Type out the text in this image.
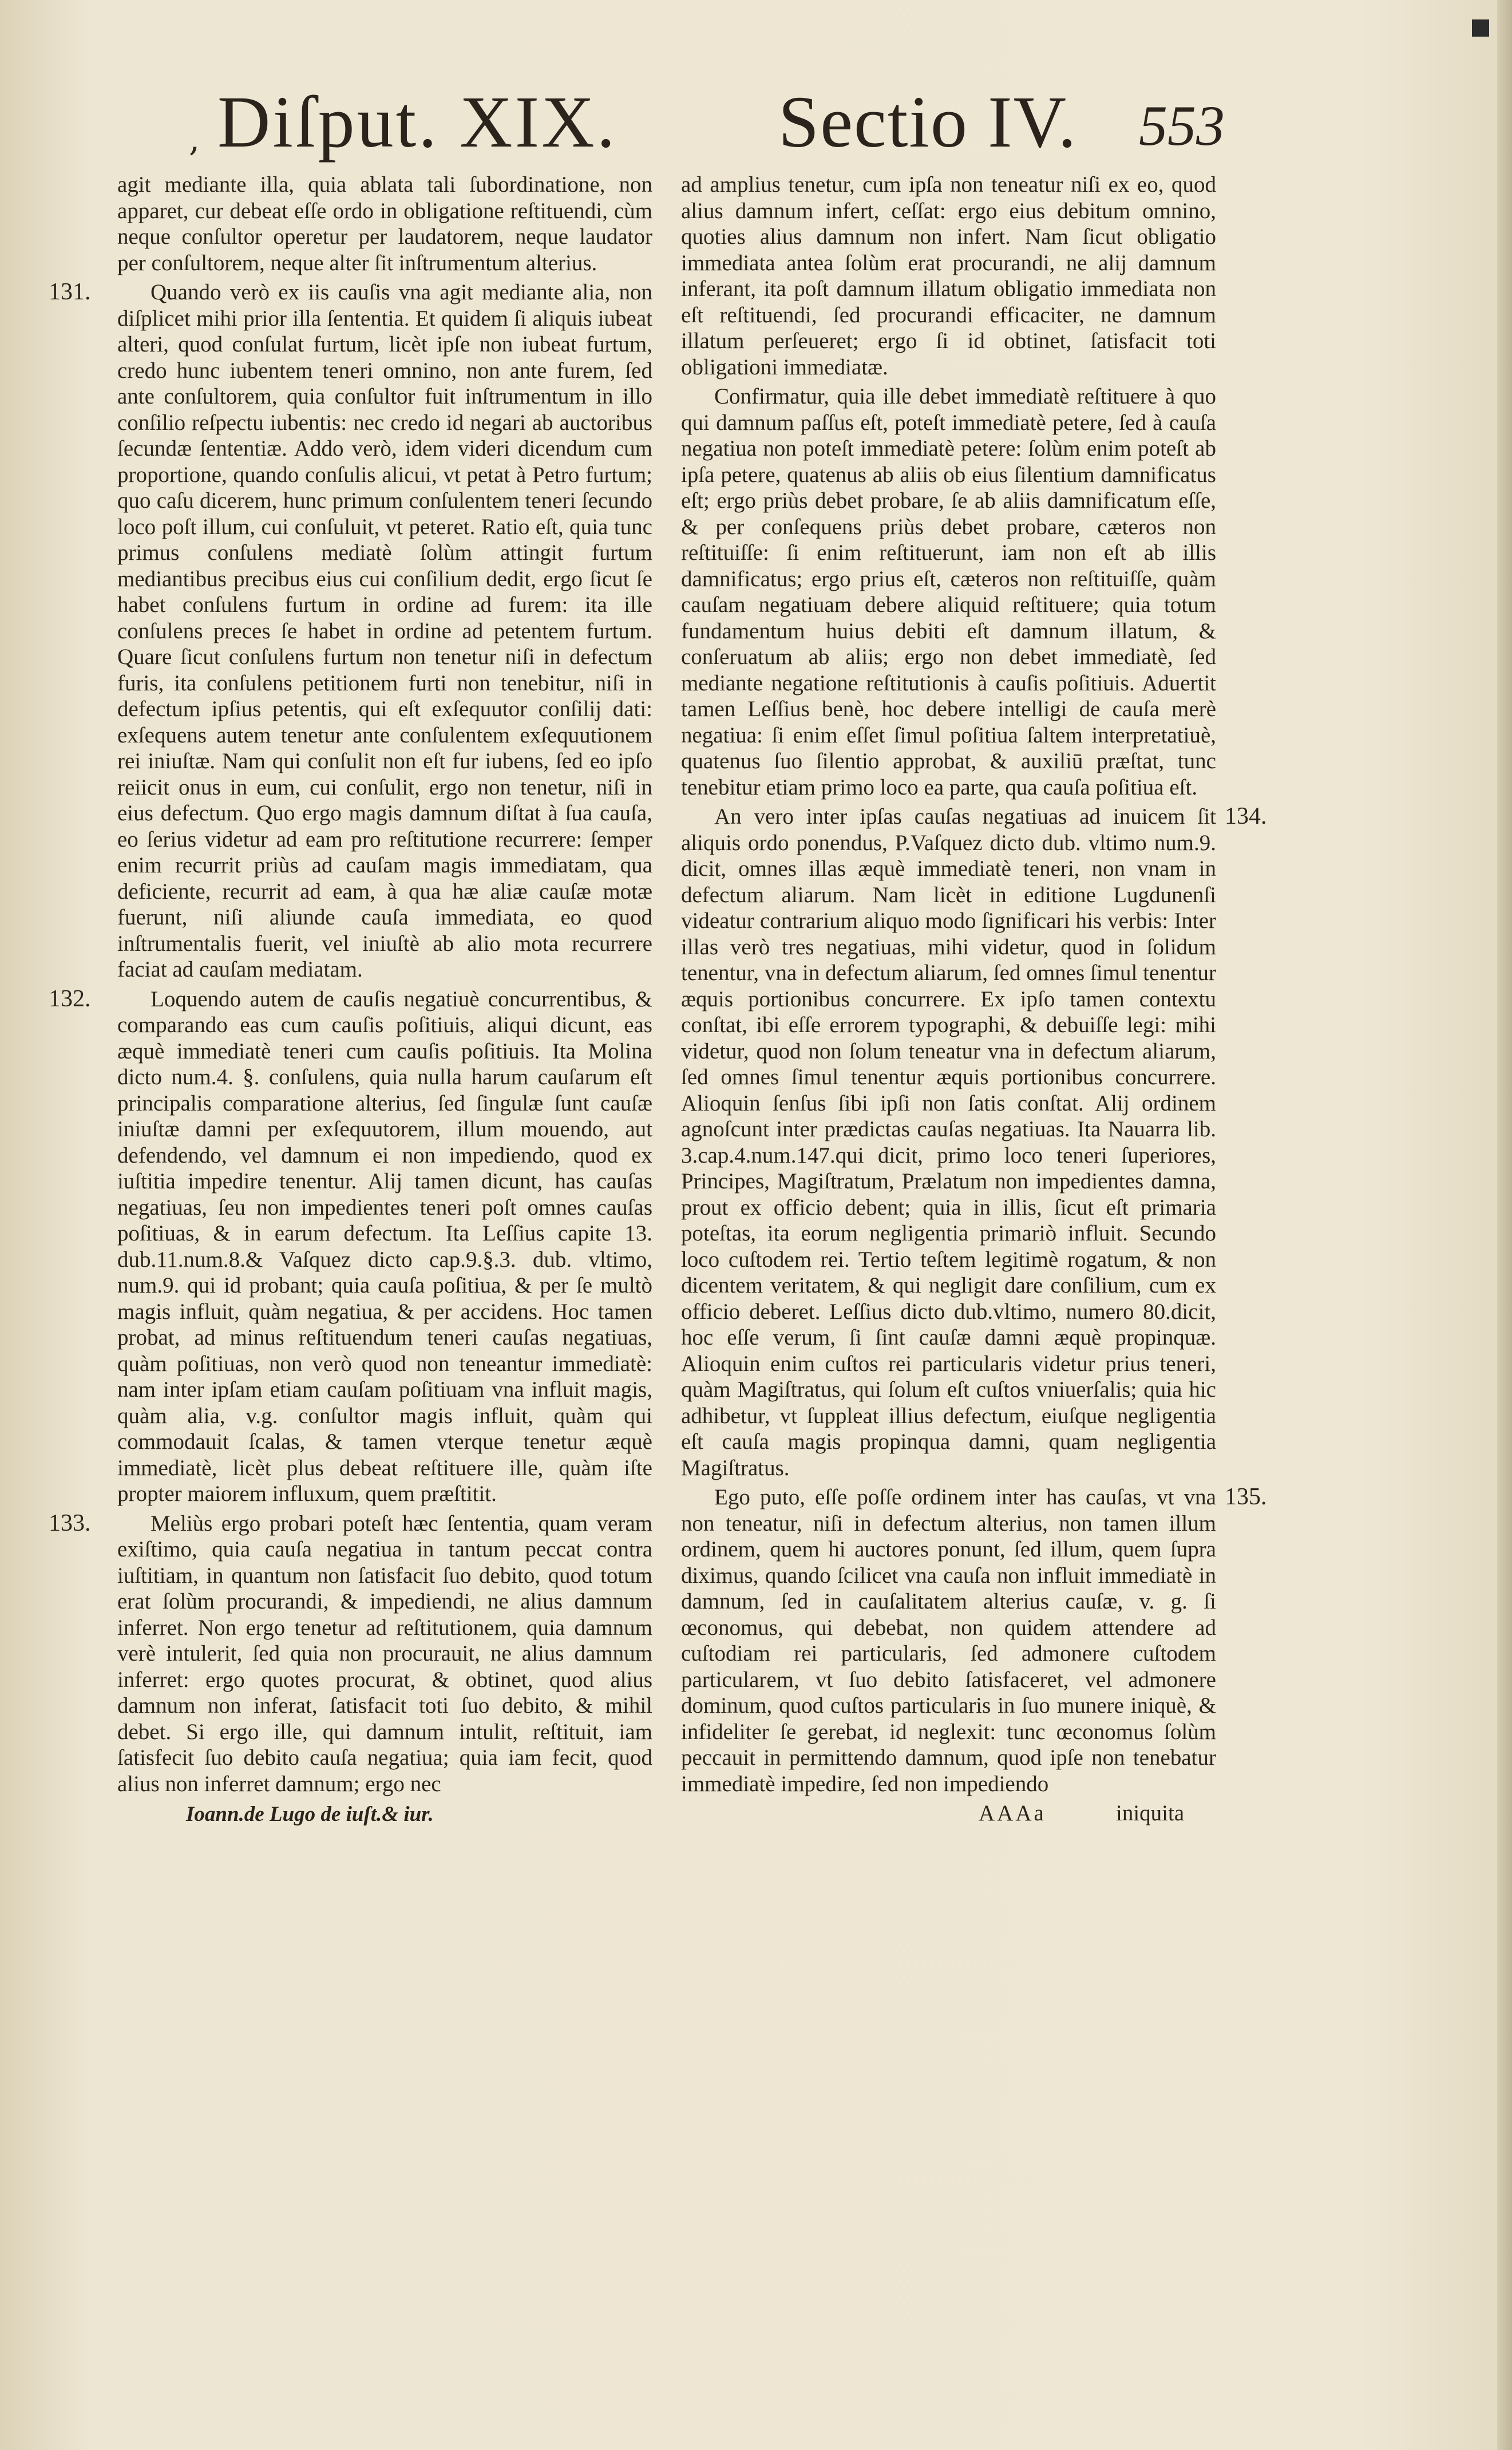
, Diſput. XIX. Sectio IV. 553
agit mediante illa, quia ablata tali ſubordinatione, non apparet, cur debeat eſſe ordo in obligatione reſtituendi, cùm neque conſultor operetur per laudatorem, neque laudator per conſultorem, neque alter ſit inſtrumentum alterius.
131.	Quando verò ex iis cauſis vna agit mediante alia, non diſplicet mihi prior illa ſententia. Et quidem ſi aliquis iubeat alteri, quod conſulat furtum, licèt ipſe non iubeat furtum, credo hunc iubentem teneri omnino, non ante furem, ſed ante conſultorem, quia conſultor fuit inſtrumentum in illo conſilio reſpectu iubentis: nec credo id negari ab auctoribus ſecundæ ſententiæ. Addo verò, idem videri dicendum cum proportione, quando conſulis alicui, vt petat à Petro furtum; quo caſu dicerem, hunc primum conſulentem teneri ſecundo loco poſt illum, cui conſuluit, vt peteret. Ratio eſt, quia tunc primus conſulens mediatè ſolùm attingit furtum mediantibus precibus eius cui conſilium dedit, ergo ſicut ſe habet conſulens furtum in ordine ad furem: ita ille conſulens preces ſe habet in ordine ad petentem furtum. Quare ſicut conſulens furtum non tenetur niſi in defectum furis, ita conſulens petitionem furti non tenebitur, niſi in defectum ipſius petentis, qui eſt exſequutor conſilij dati: exſequens autem tenetur ante conſulentem exſequutionem rei iniuſtæ. Nam qui conſulit non eſt fur iubens, ſed eo ipſo reiicit onus in eum, cui conſulit, ergo non tenetur, niſi in eius defectum. Quo ergo magis damnum diſtat à ſua cauſa, eo ſerius videtur ad eam pro reſtitutione recurrere: ſemper enim recurrit priùs ad cauſam magis immediatam, qua deficiente, recurrit ad eam, à qua hæ aliæ cauſæ motæ fuerunt, niſi aliunde cauſa immediata, eo quod inſtrumentalis fuerit, vel iniuſtè ab alio mota recurrere faciat ad cauſam mediatam.
132.	Loquendo autem de cauſis negatiuè concurrentibus, & comparando eas cum cauſis poſitiuis, aliqui dicunt, eas æquè immediatè teneri cum cauſis poſitiuis. Ita Molina dicto num.4. §. conſulens, quia nulla harum cauſarum eſt principalis comparatione alterius, ſed ſingulæ ſunt cauſæ iniuſtæ damni per exſequutorem, illum mouendo, aut defendendo, vel damnum ei non impediendo, quod ex iuſtitia impedire tenentur. Alij tamen dicunt, has cauſas negatiuas, ſeu non impedientes teneri poſt omnes cauſas poſitiuas, & in earum defectum. Ita Leſſius capite 13. dub.11.num.8.& Vaſquez dicto cap.9.§.3. dub. vltimo, num.9. qui id probant; quia cauſa poſitiua, & per ſe multò magis influit, quàm negatiua, & per accidens. Hoc tamen probat, ad minus reſtituendum teneri cauſas negatiuas, quàm poſitiuas, non verò quod non teneantur immediatè: nam inter ipſam etiam cauſam poſitiuam vna influit magis, quàm alia, v.g. conſultor magis influit, quàm qui commodauit ſcalas, & tamen vterque tenetur æquè immediatè, licèt plus debeat reſtituere ille, quàm iſte propter maiorem influxum, quem præſtitit.
133.	Meliùs ergo probari poteſt hæc ſententia, quam veram exiſtimo, quia cauſa negatiua in tantum peccat contra iuſtitiam, in quantum non ſatisfacit ſuo debito, quod totum erat ſolùm procurandi, & impediendi, ne alius damnum inferret. Non ergo tenetur ad reſtitutionem, quia damnum verè intulerit, ſed quia non procurauit, ne alius damnum inferret: ergo quotes procurat, & obtinet, quod alius damnum non inferat, ſatisfacit toti ſuo debito, & mihil debet. Si ergo ille, qui damnum intulit, reſtituit, iam ſatisfecit ſuo debito cauſa negatiua; quia iam fecit, quod alius non inferret damnum; ergo nec
Ioann.de Lugo de iuſt.& iur.
ad amplius tenetur, cum ipſa non teneatur niſi ex eo, quod alius damnum infert, ceſſat: ergo eius debitum omnino, quoties alius damnum non infert. Nam ſicut obligatio immediata antea ſolùm erat procurandi, ne alij damnum inferant, ita poſt damnum illatum obligatio immediata non eſt reſtituendi, ſed procurandi efficaciter, ne damnum illatum perſeueret; ergo ſi id obtinet, ſatisfacit toti obligationi immediatæ.
Confirmatur, quia ille debet immediatè reſtituere à quo qui damnum paſſus eſt, poteſt immediatè petere, ſed à cauſa negatiua non poteſt immediatè petere: ſolùm enim poteſt ab ipſa petere, quatenus ab aliis ob eius ſilentium damnificatus eſt; ergo priùs debet probare, ſe ab aliis damnificatum eſſe, & per conſequens priùs debet probare, cæteros non reſtituiſſe: ſi enim reſtituerunt, iam non eſt ab illis damnificatus; ergo prius eſt, cæteros non reſtituiſſe, quàm cauſam negatiuam debere aliquid reſtituere; quia totum fundamentum huius debiti eſt damnum illatum, & conſeruatum ab aliis; ergo non debet immediatè, ſed mediante negatione reſtitutionis à cauſis poſitiuis. Aduertit tamen Leſſius benè, hoc debere intelligi de cauſa merè negatiua: ſi enim eſſet ſimul poſitiua ſaltem interpretatiuè, quatenus ſuo ſilentio approbat, & auxiliū præſtat, tunc tenebitur etiam primo loco ea parte, qua cauſa poſitiua eſt.
134.
An vero inter ipſas cauſas negatiuas ad inuicem ſit aliquis ordo ponendus, P.Vaſquez dicto dub. vltimo num.9. dicit, omnes illas æquè immediatè teneri, non vnam in defectum aliarum. Nam licèt in editione Lugdunenſi videatur contrarium aliquo modo ſignificari his verbis: Inter illas verò tres negatiuas, mihi videtur, quod in ſolidum tenentur, vna in defectum aliarum, ſed omnes ſimul tenentur æquis portionibus concurrere. Ex ipſo tamen contextu conſtat, ibi eſſe errorem typographi, & debuiſſe legi: mihi videtur, quod non ſolum teneatur vna in defectum aliarum, ſed omnes ſimul tenentur æquis portionibus concurrere. Alioquin ſenſus ſibi ipſi non ſatis conſtat. Alij ordinem agnoſcunt inter prædictas cauſas negatiuas. Ita Nauarra lib. 3.cap.4.num.147.qui dicit, primo loco teneri ſuperiores, Principes, Magiſtratum, Prælatum non impedientes damna, prout ex officio debent; quia in illis, ſicut eſt primaria poteſtas, ita eorum negligentia primariò influit. Secundo loco cuſtodem rei. Tertio teſtem legitimè rogatum, & non dicentem veritatem, & qui negligit dare conſilium, cum ex officio deberet. Leſſius dicto dub.vltimo, numero 80.dicit, hoc eſſe verum, ſi ſint cauſæ damni æquè propinquæ. Alioquin enim cuſtos rei particularis videtur prius teneri, quàm Magiſtratus, qui ſolum eſt cuſtos vniuerſalis; quia hic adhibetur, vt ſuppleat illius defectum, eiuſque negligentia eſt cauſa magis propinqua damni, quam negligentia Magiſtratus.
135.
Ego puto, eſſe poſſe ordinem inter has cauſas, vt vna non teneatur, niſi in defectum alterius, non tamen illum ordinem, quem hi auctores ponunt, ſed illum, quem ſupra diximus, quando ſcilicet vna cauſa non influit immediatè in damnum, ſed in cauſalitatem alterius cauſæ, v. g. ſi œconomus, qui debebat, non quidem attendere ad cuſtodiam rei particularis, ſed admonere cuſtodem particularem, vt ſuo debito ſatisfaceret, vel admonere dominum, quod cuſtos particularis in ſuo munere iniquè, & infideliter ſe gerebat, id neglexit: tunc œconomus ſolùm peccauit in permittendo damnum, quod ipſe non tenebatur immediatè impedire, ſed non impediendo
AAAa	iniquita
